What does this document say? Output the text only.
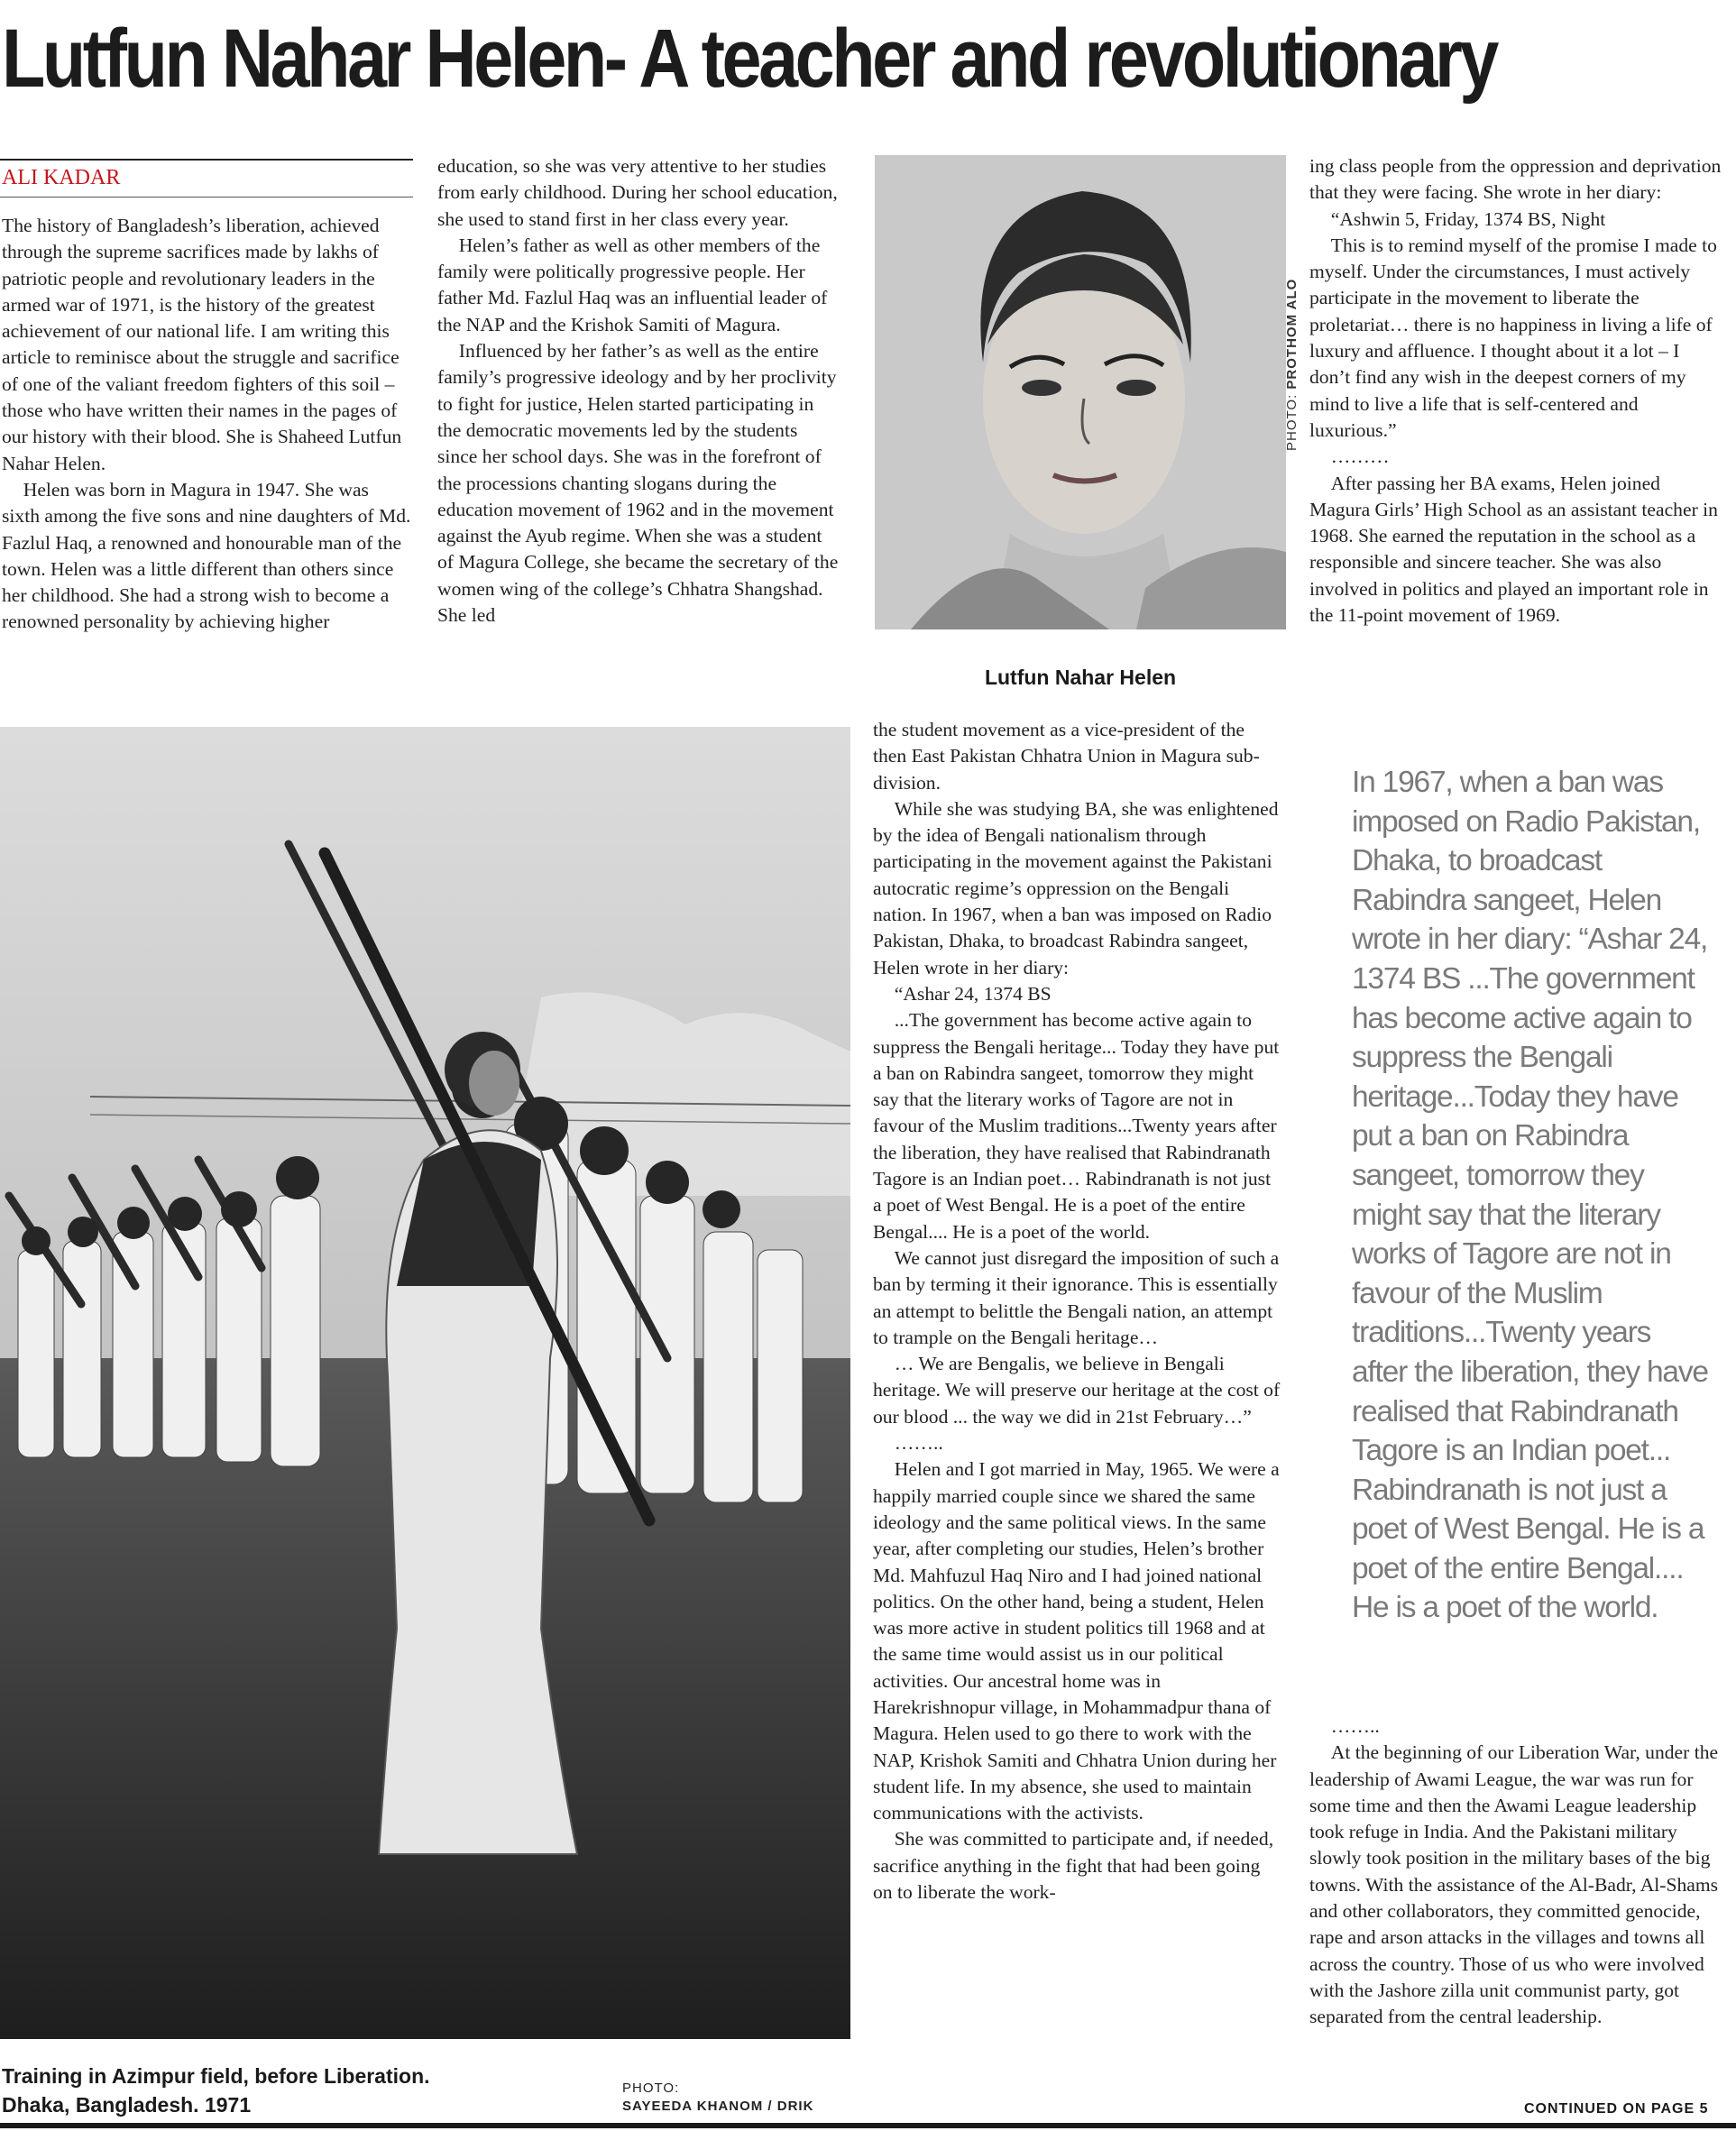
Lutfun Nahar Helen- A teacher and revolutionary
ALI KADAR

The history of Bangladesh’s liberation, achieved through the supreme sacrifices made by lakhs of patriotic people and revolutionary leaders in the armed war of 1971, is the history of the greatest achievement of our national life. I am writing this article to reminisce about the struggle and sacrifice of one of the valiant freedom fighters of this soil – those who have written their names in the pages of our history with their blood. She is Shaheed Lutfun Nahar Helen.

Helen was born in Magura in 1947. She was sixth among the five sons and nine daughters of Md. Fazlul Haq, a renowned and honourable man of the town. Helen was a little different than others since her childhood. She had a strong wish to become a renowned personality by achieving higher

education, so she was very attentive to her studies from early childhood. During her school education, she used to stand first in her class every year.

Helen’s father as well as other members of the family were politically progressive people. Her father Md. Fazlul Haq was an influential leader of the NAP and the Krishok Samiti of Magura.

Influenced by her father’s as well as the entire family’s progressive ideology and by her proclivity to fight for justice, Helen started participating in the democratic movements led by the students since her school days. She was in the forefront of the processions chanting slogans during the education movement of 1962 and in the movement against the Ayub regime. When she was a student of Magura College, she became the secretary of the women wing of the college’s Chhatra Shangshad. She led

PHOTO: PROTHOM ALO
Lutfun Nahar Helen

ing class people from the oppression and deprivation that they were facing. She wrote in her diary:

“Ashwin 5, Friday, 1374 BS, Night

This is to remind myself of the promise I made to myself. Under the circumstances, I must actively participate in the movement to liberate the proletariat… there is no happiness in living a life of luxury and affluence. I thought about it a lot – I don’t find any wish in the deepest corners of my mind to live a life that is self-centered and luxurious.”

………

After passing her BA exams, Helen joined Magura Girls’ High School as an assistant teacher in 1968. She earned the reputation in the school as a responsible and sincere teacher. She was also involved in politics and played an important role in the 11-point movement of 1969.

Training in Azimpur field, before Liberation.
Dhaka, Bangladesh. 1971
PHOTO:
SAYEEDA KHANOM / DRIK

the student movement as a vice-president of the then East Pakistan Chhatra Union in Magura sub-division.

While she was studying BA, she was enlightened by the idea of Bengali nationalism through participating in the movement against the Pakistani autocratic regime’s oppression on the Bengali nation. In 1967, when a ban was imposed on Radio Pakistan, Dhaka, to broadcast Rabindra sangeet, Helen wrote in her diary:

“Ashar 24, 1374 BS

...The government has become active again to suppress the Bengali heritage... Today they have put a ban on Rabindra sangeet, tomorrow they might say that the literary works of Tagore are not in favour of the Muslim traditions...Twenty years after the liberation, they have realised that Rabindranath Tagore is an Indian poet… Rabindranath is not just a poet of West Bengal. He is a poet of the entire Bengal.... He is a poet of the world.

We cannot just disregard the imposition of such a ban by terming it their ignorance. This is essentially an attempt to belittle the Bengali nation, an attempt to trample on the Bengali heritage…

… We are Bengalis, we believe in Bengali heritage. We will preserve our heritage at the cost of our blood ... the way we did in 21st February…”

……..

Helen and I got married in May, 1965. We were a happily married couple since we shared the same ideology and the same political views. In the same year, after completing our studies, Helen’s brother Md. Mahfuzul Haq Niro and I had joined national politics. On the other hand, being a student, Helen was more active in student politics till 1968 and at the same time would assist us in our political activities. Our ancestral home was in Harekrishnopur village, in Mohammadpur thana of Magura. Helen used to go there to work with the NAP, Krishok Samiti and Chhatra Union during her student life. In my absence, she used to maintain communications with the activists.

She was committed to participate and, if needed, sacrifice anything in the fight that had been going on to liberate the work-

In 1967, when a ban was imposed on Radio Pakistan, Dhaka, to broadcast Rabindra sangeet, Helen wrote in her diary: “Ashar 24, 1374 BS ...The government has become active again to suppress the Bengali heritage...Today they have put a ban on Rabindra sangeet, tomorrow they might say that the literary works of Tagore are not in favour of the Muslim traditions...Twenty years after the liberation, they have realised that Rabindranath Tagore is an Indian poet... Rabindranath is not just a poet of West Bengal. He is a poet of the entire Bengal.... He is a poet of the world.

……..

At the beginning of our Liberation War, under the leadership of Awami League, the war was run for some time and then the Awami League leadership took refuge in India. And the Pakistani military slowly took position in the military bases of the big towns. With the assistance of the Al-Badr, Al-Shams and other collaborators, they committed genocide, rape and arson attacks in the villages and towns all across the country. Those of us who were involved with the Jashore zilla unit communist party, got separated from the central leadership.

CONTINUED ON PAGE 5
